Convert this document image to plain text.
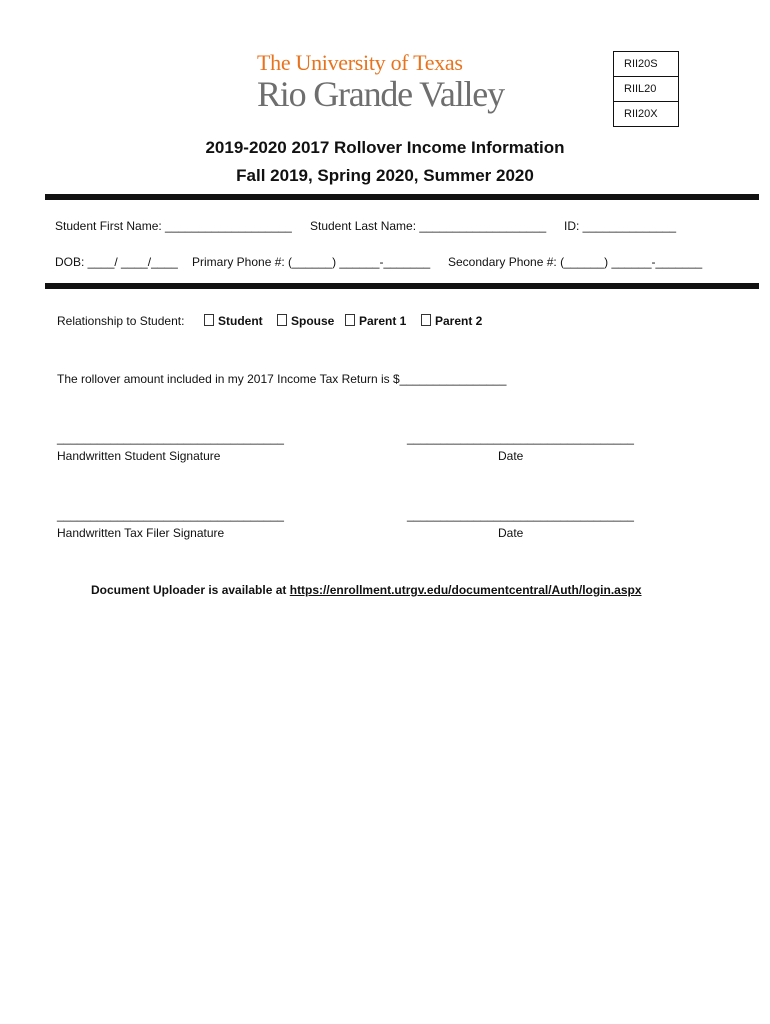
The University of Texas
Rio Grande Valley
RII20S
RIIL20
RII20X
2019-2020 2017 Rollover Income Information
Fall 2019, Spring 2020, Summer 2020
Student First Name: ___________________ Student Last Name: ___________________ ID: ______________
DOB: ____/ ____/____ Primary Phone #: (______) ______-_______ Secondary Phone #: (______) ______-_______
Relationship to Student:	Student	Spouse	Parent 1	Parent 2
The rollover amount included in my 2017 Income Tax Return is $________________
__________________________________	__________________________________
Handwritten Student Signature	Date
__________________________________	__________________________________
Handwritten Tax Filer Signature	Date
Document Uploader is available at https://enrollment.utrgv.edu/documentcentral/Auth/login.aspx
